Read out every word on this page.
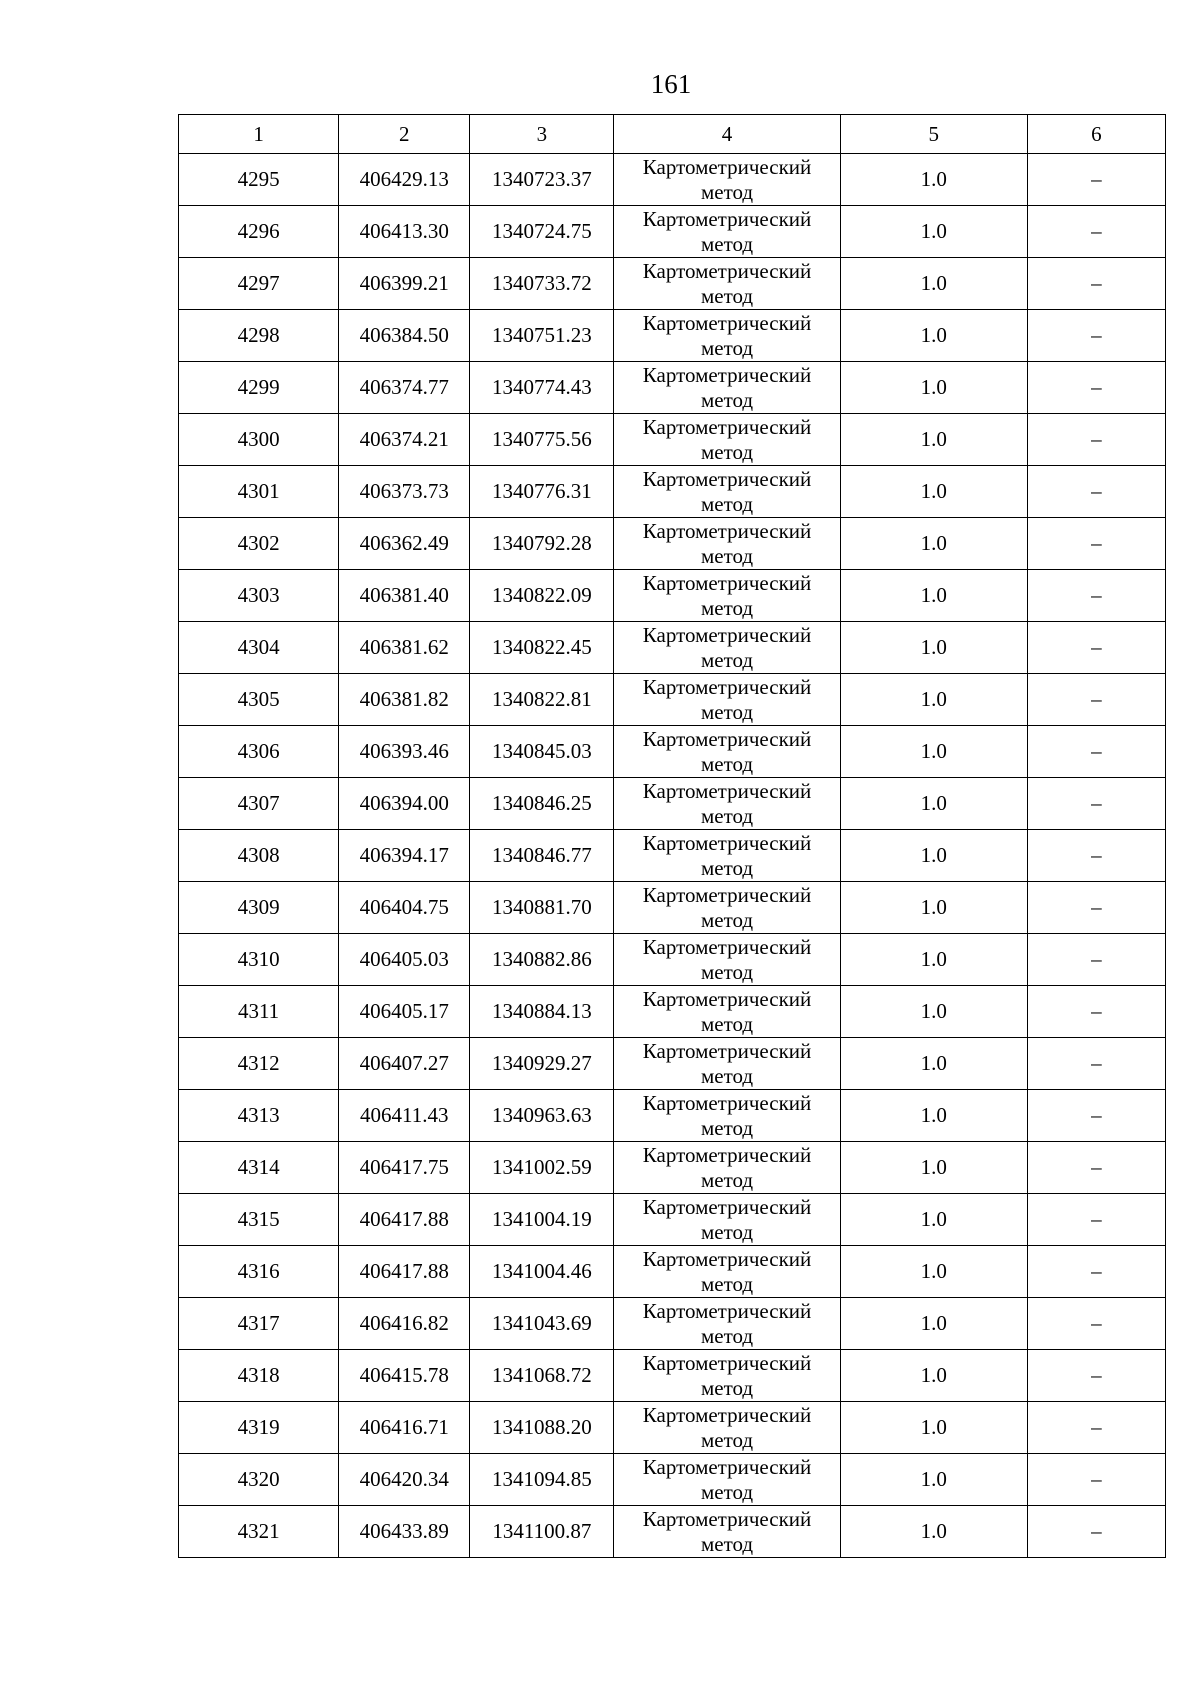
161
1	2	3	4	5	6
4295	406429.13	1340723.37	Картометрический метод	1.0	–
4296	406413.30	1340724.75	Картометрический метод	1.0	–
4297	406399.21	1340733.72	Картометрический метод	1.0	–
4298	406384.50	1340751.23	Картометрический метод	1.0	–
4299	406374.77	1340774.43	Картометрический метод	1.0	–
4300	406374.21	1340775.56	Картометрический метод	1.0	–
4301	406373.73	1340776.31	Картометрический метод	1.0	–
4302	406362.49	1340792.28	Картометрический метод	1.0	–
4303	406381.40	1340822.09	Картометрический метод	1.0	–
4304	406381.62	1340822.45	Картометрический метод	1.0	–
4305	406381.82	1340822.81	Картометрический метод	1.0	–
4306	406393.46	1340845.03	Картометрический метод	1.0	–
4307	406394.00	1340846.25	Картометрический метод	1.0	–
4308	406394.17	1340846.77	Картометрический метод	1.0	–
4309	406404.75	1340881.70	Картометрический метод	1.0	–
4310	406405.03	1340882.86	Картометрический метод	1.0	–
4311	406405.17	1340884.13	Картометрический метод	1.0	–
4312	406407.27	1340929.27	Картометрический метод	1.0	–
4313	406411.43	1340963.63	Картометрический метод	1.0	–
4314	406417.75	1341002.59	Картометрический метод	1.0	–
4315	406417.88	1341004.19	Картометрический метод	1.0	–
4316	406417.88	1341004.46	Картометрический метод	1.0	–
4317	406416.82	1341043.69	Картометрический метод	1.0	–
4318	406415.78	1341068.72	Картометрический метод	1.0	–
4319	406416.71	1341088.20	Картометрический метод	1.0	–
4320	406420.34	1341094.85	Картометрический метод	1.0	–
4321	406433.89	1341100.87	Картометрический метод	1.0	–
